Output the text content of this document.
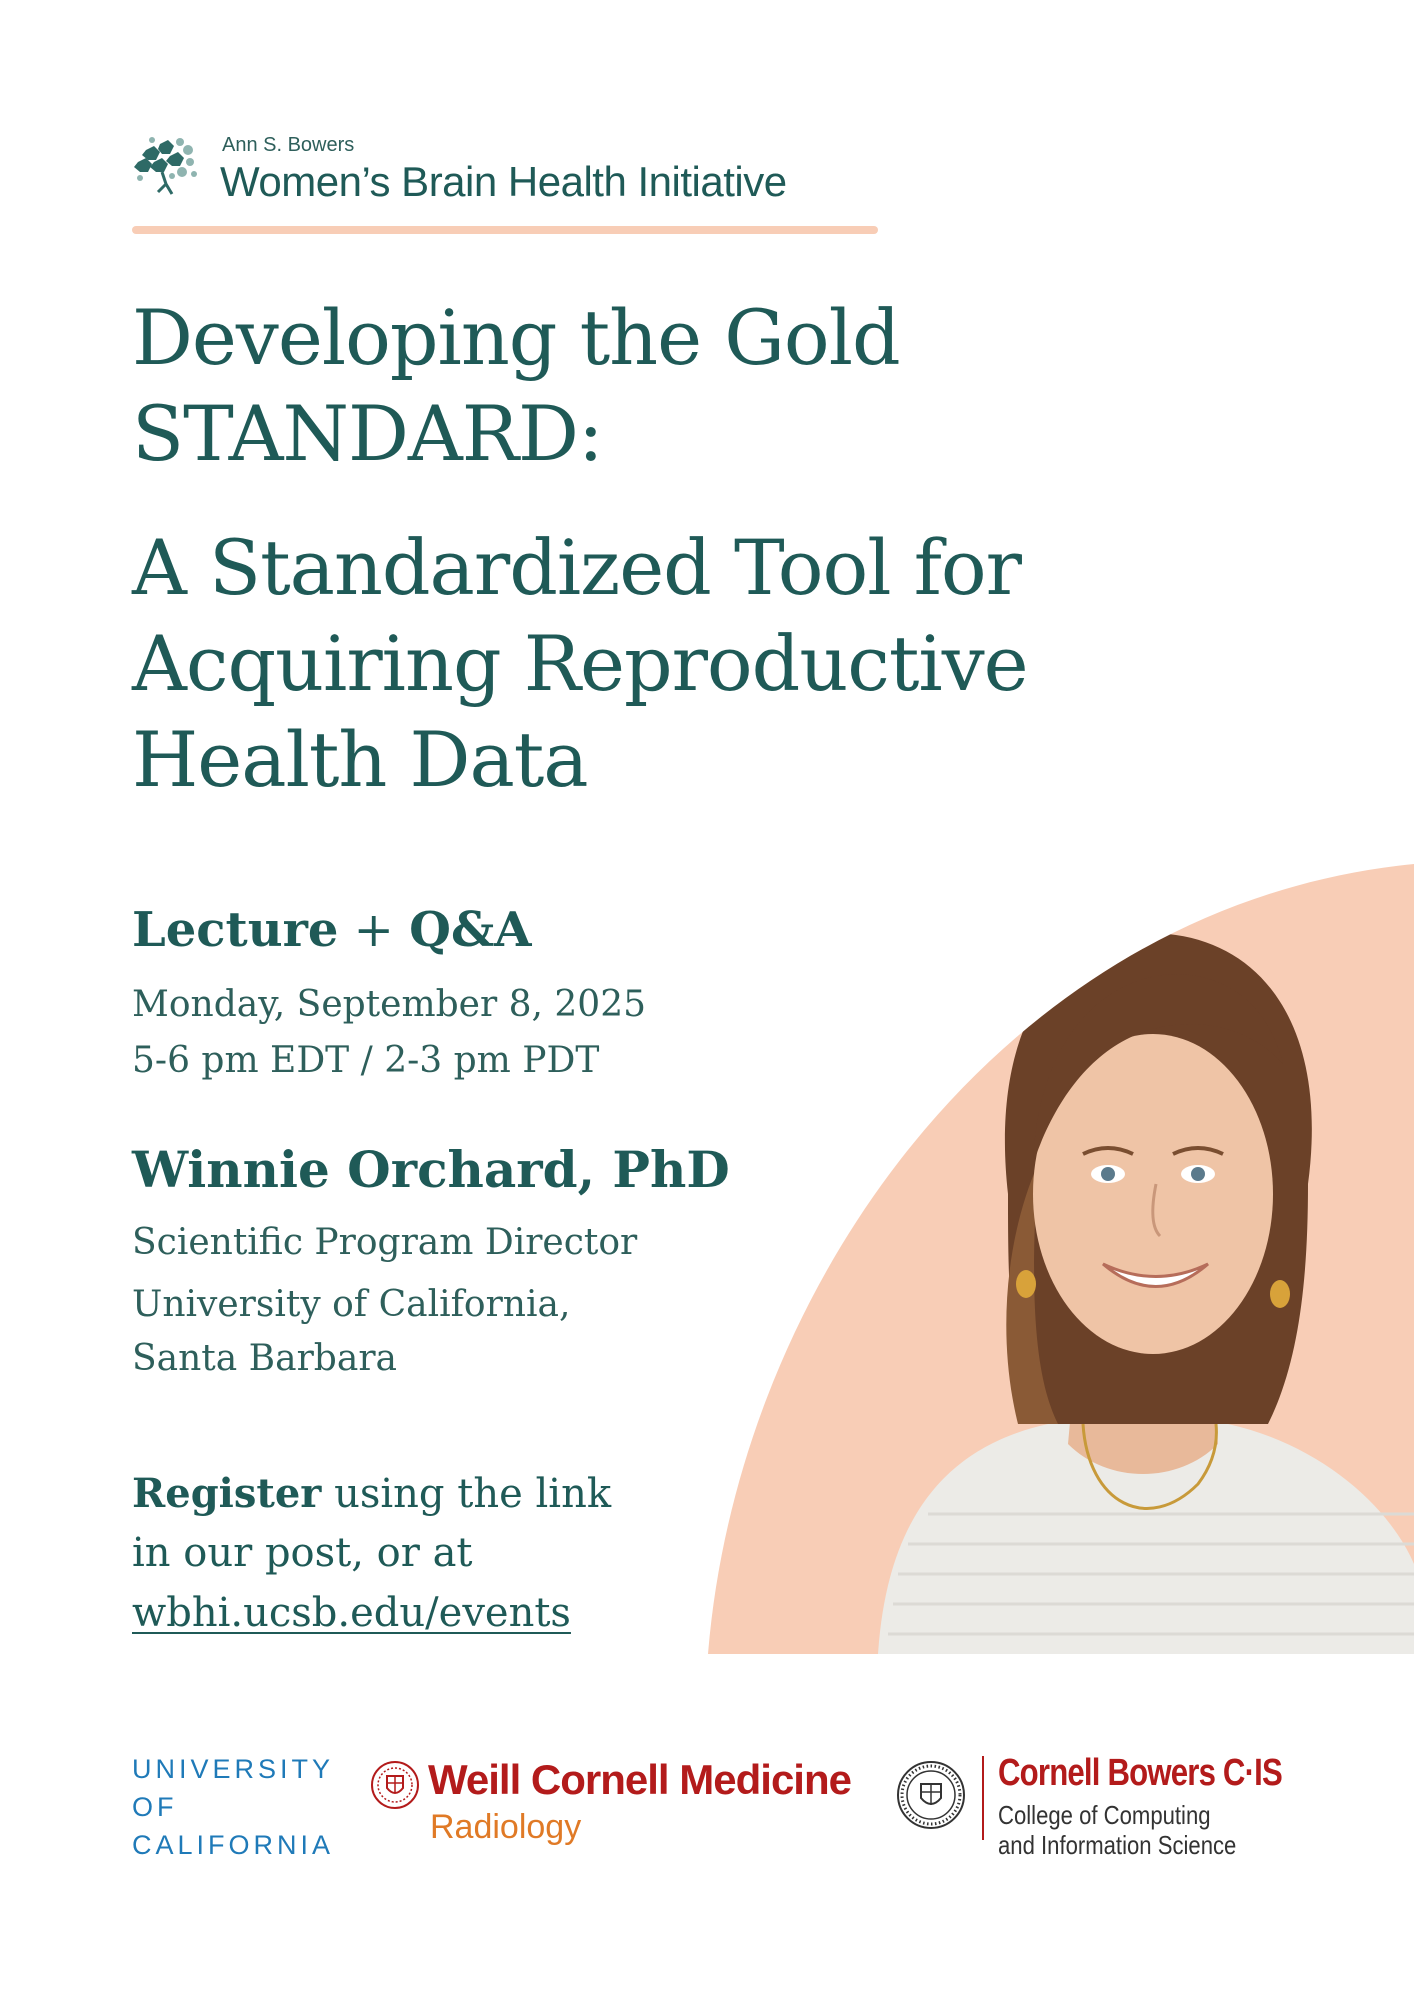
Ann S. Bowers
Women’s Brain Health Initiative
Developing the Gold
STANDARD:
A Standardized Tool for
Acquiring Reproductive
Health Data
Lecture + Q&A
Monday, September 8, 2025
5-6 pm EDT / 2-3 pm PDT
Winnie Orchard, PhD
Scientific Program Director
University of California,
Santa Barbara
Register using the link
in our post, or at
wbhi.ucsb.edu/events
UNIVERSITY
OF
CALIFORNIA
Weill Cornell Medicine
Radiology
Cornell Bowers C·IS
College of Computing
and Information Science
